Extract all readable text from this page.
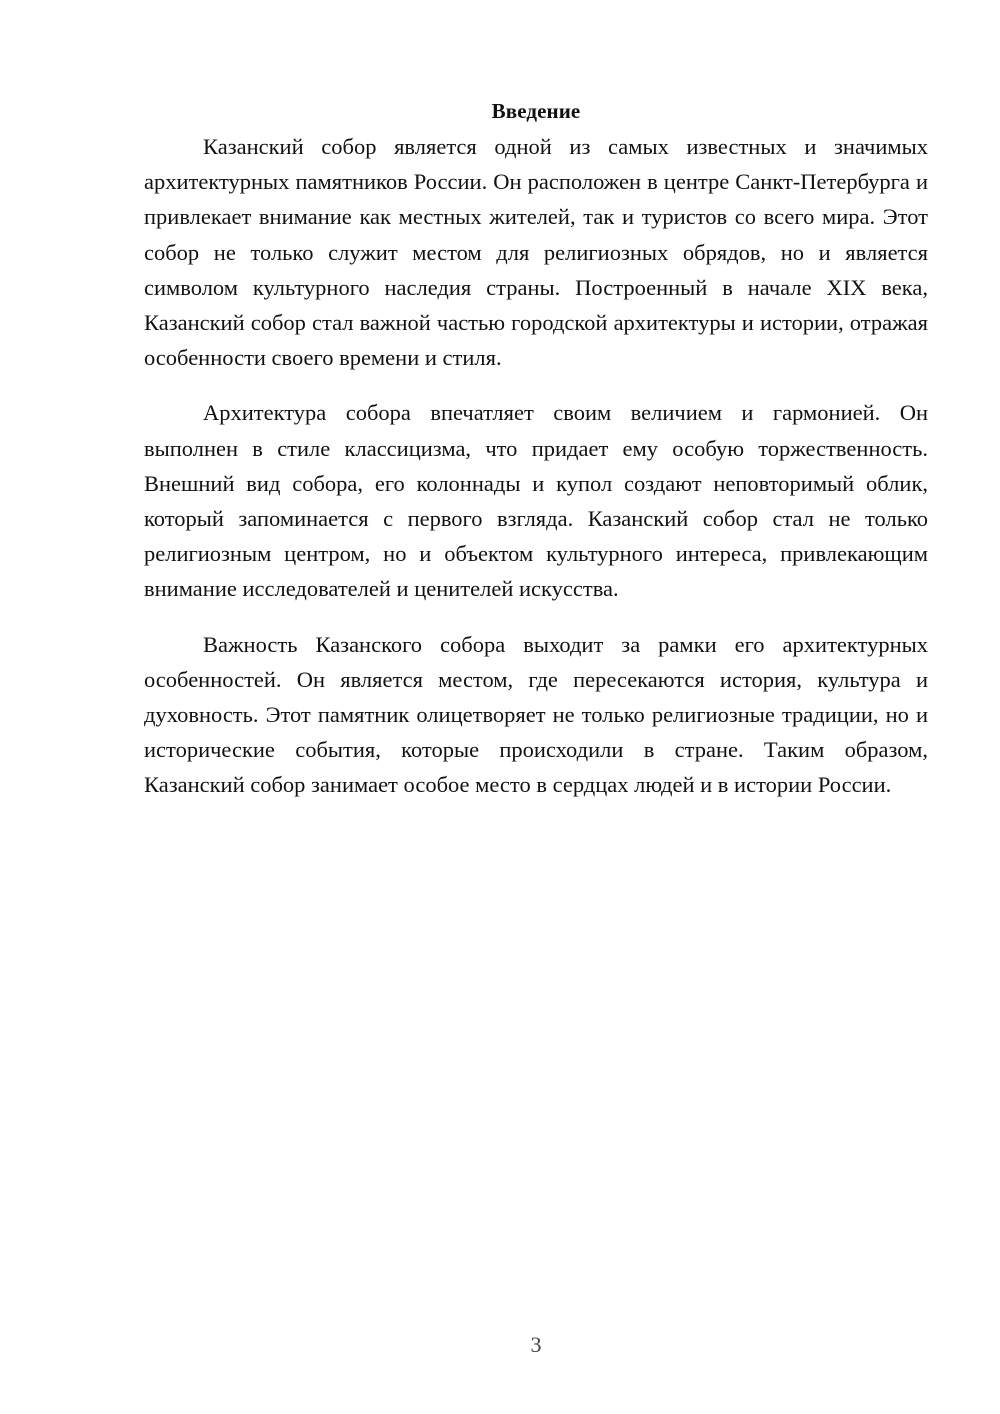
Введение

Казанский собор является одной из самых известных и значимых архитектурных памятников России. Он расположен в центре Санкт-Петербурга и привлекает внимание как местных жителей, так и туристов со всего мира. Этот собор не только служит местом для религиозных обрядов, но и является символом культурного наследия страны. Построенный в начале XIX века, Казанский собор стал важной частью городской архитектуры и истории, отражая особенности своего времени и стиля.

Архитектура собора впечатляет своим величием и гармонией. Он выполнен в стиле классицизма, что придает ему особую торжественность. Внешний вид собора, его колоннады и купол создают неповторимый облик, который запоминается с первого взгляда. Казанский собор стал не только религиозным центром, но и объектом культурного интереса, привлекающим внимание исследователей и ценителей искусства.

Важность Казанского собора выходит за рамки его архитектурных особенностей. Он является местом, где пересекаются история, культура и духовность. Этот памятник олицетворяет не только религиозные традиции, но и исторические события, которые происходили в стране. Таким образом, Казанский собор занимает особое место в сердцах людей и в истории России.

3
